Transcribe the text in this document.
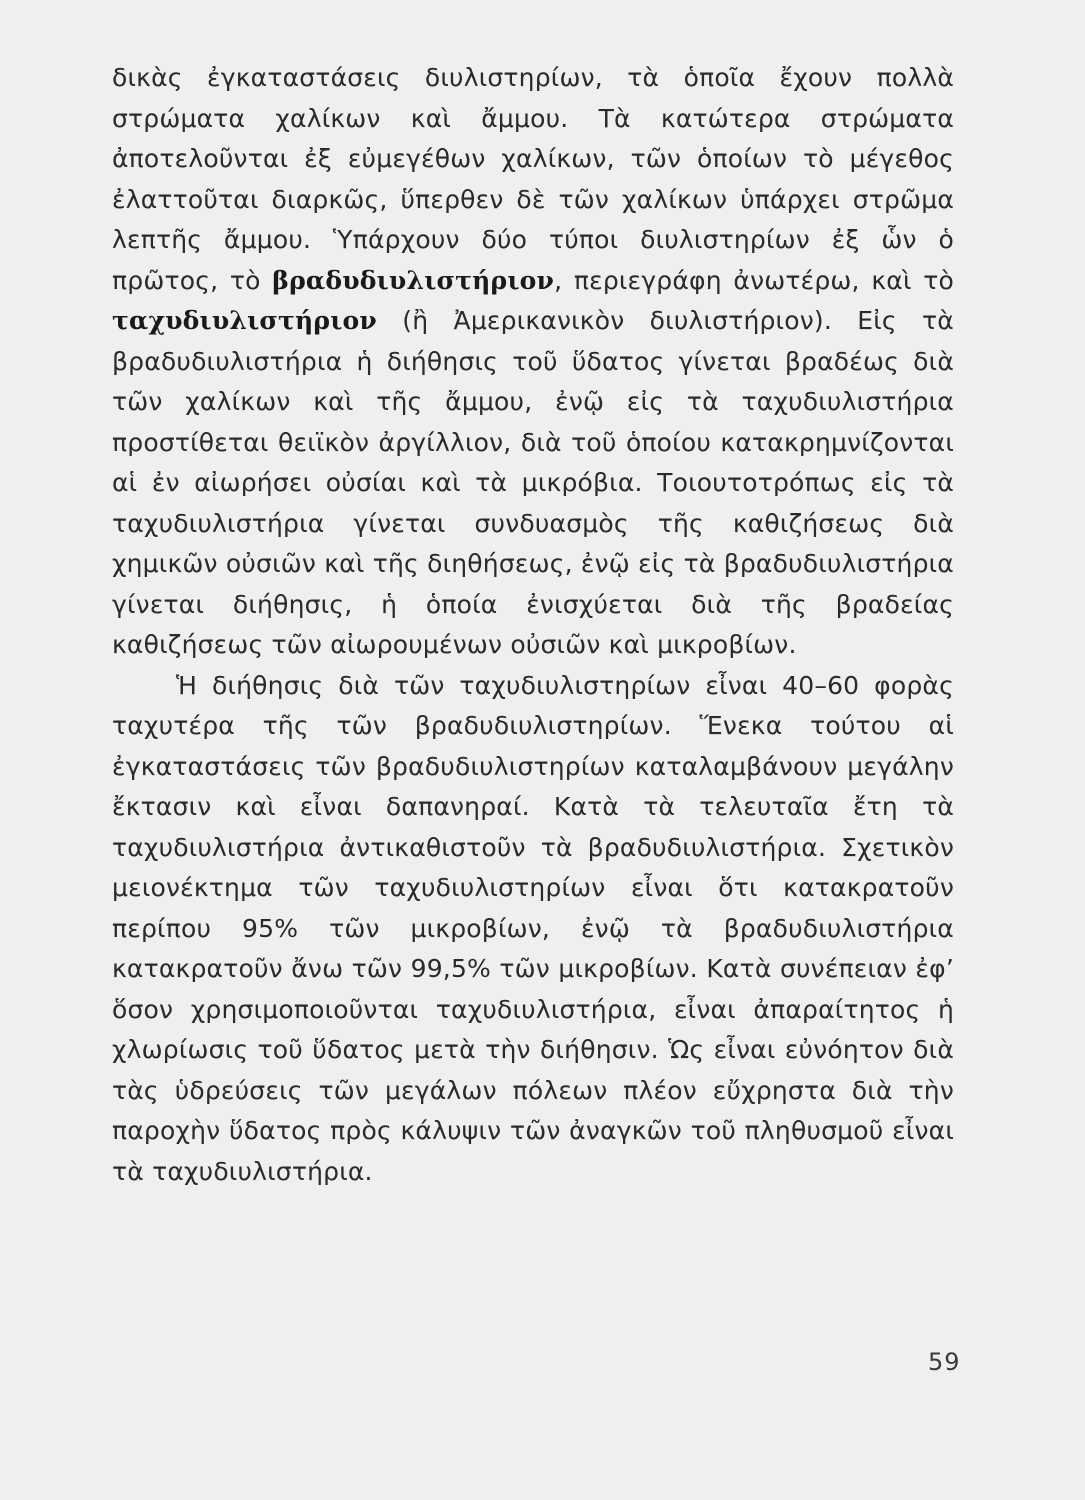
δικὰς ἐγκαταστάσεις διυλιστηρίων, τὰ ὁποῖα ἔχουν πολλὰ στρώματα χαλίκων καὶ ἄμμου. Τὰ κατώτερα στρώματα ἀποτελοῦνται ἐξ εὐμεγέθων χαλίκων, τῶν ὁποίων τὸ μέγεθος ἐλαττοῦται διαρκῶς, ὕπερθεν δὲ τῶν χαλίκων ὑπάρχει στρῶμα λεπτῆς ἄμμου. Ὑπάρχουν δύο τύποι διυλιστηρίων ἐξ ὧν ὁ πρῶτος, τὸ βραδυδιυλιστήριον, περιεγράφη ἀνωτέρω, καὶ τὸ ταχυδιυλιστήριον (ἢ Ἀμερικανικὸν διυλιστήριον). Εἰς τὰ βραδυδιυλιστήρια ἡ διήθησις τοῦ ὕδατος γίνεται βραδέως διὰ τῶν χαλίκων καὶ τῆς ἄμμου, ἐνῷ εἰς τὰ ταχυδιυλιστήρια προστίθεται θειϊκὸν ἀργίλλιον, διὰ τοῦ ὁποίου κατακρημνίζονται αἱ ἐν αἰωρήσει οὐσίαι καὶ τὰ μικρόβια. Τοιουτοτρόπως εἰς τὰ ταχυδιυλιστήρια γίνεται συνδυασμὸς τῆς καθιζήσεως διὰ χημικῶν οὐσιῶν καὶ τῆς διηθήσεως, ἐνῷ εἰς τὰ βραδυδιυλιστήρια γίνεται διήθησις, ἡ ὁποία ἐνισχύεται διὰ τῆς βραδείας καθιζήσεως τῶν αἰωρουμένων οὐσιῶν καὶ μικροβίων.

Ἡ διήθησις διὰ τῶν ταχυδιυλιστηρίων εἶναι 40–60 φορὰς ταχυτέρα τῆς τῶν βραδυδιυλιστηρίων. Ἕνεκα τούτου αἱ ἐγκαταστάσεις τῶν βραδυδιυλιστηρίων καταλαμβάνουν μεγάλην ἔκτασιν καὶ εἶναι δαπανηραί. Κατὰ τὰ τελευταῖα ἔτη τὰ ταχυδιυλιστήρια ἀντικαθιστοῦν τὰ βραδυδιυλιστήρια. Σχετικὸν μειονέκτημα τῶν ταχυδιυλιστηρίων εἶναι ὅτι κατακρατοῦν περίπου 95% τῶν μικροβίων, ἐνῷ τὰ βραδυδιυλιστήρια κατακρατοῦν ἄνω τῶν 99,5% τῶν μικροβίων. Κατὰ συνέπειαν ἐφ’ ὅσον χρησιμοποιοῦνται ταχυδιυλιστήρια, εἶναι ἀπαραίτητος ἡ χλωρίωσις τοῦ ὕδατος μετὰ τὴν διήθησιν. Ὡς εἶναι εὐνόητον διὰ τὰς ὑδρεύσεις τῶν μεγάλων πόλεων πλέον εὔχρηστα διὰ τὴν παροχὴν ὕδατος πρὸς κάλυψιν τῶν ἀναγκῶν τοῦ πληθυσμοῦ εἶναι τὰ ταχυδιυλιστήρια.

59
